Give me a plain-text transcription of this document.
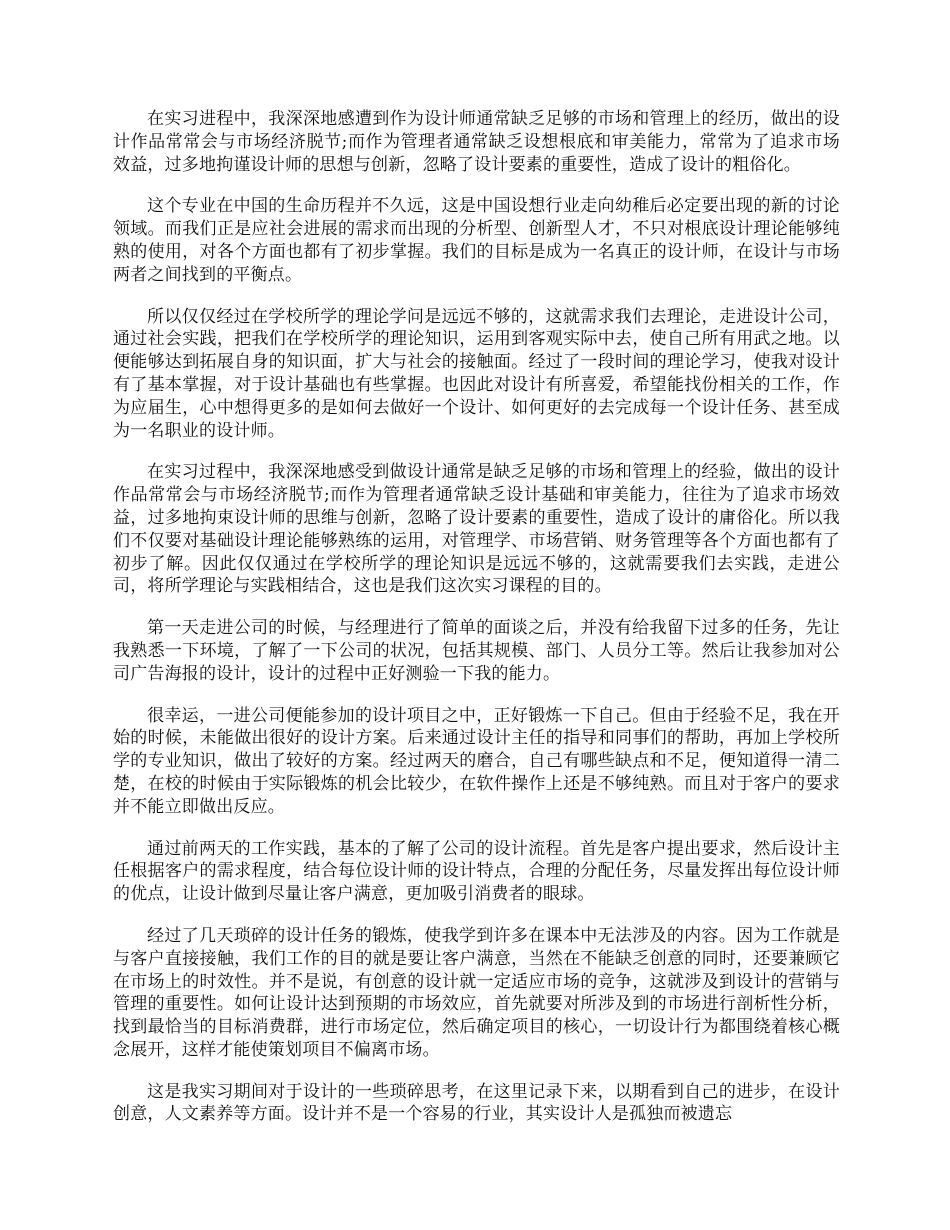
在实习进程中，我深深地感遭到作为设计师通常缺乏足够的市场和管理上的经历，做出的设计作品常常会与市场经济脱节;而作为管理者通常缺乏设想根底和审美能力，常常为了追求市场效益，过多地拘谨设计师的思想与创新，忽略了设计要素的重要性，造成了设计的粗俗化。

这个专业在中国的生命历程并不久远，这是中国设想行业走向幼稚后必定要出现的新的讨论领域。而我们正是应社会进展的需求而出现的分析型、创新型人才，不只对根底设计理论能够纯熟的使用，对各个方面也都有了初步掌握。我们的目标是成为一名真正的设计师，在设计与市场两者之间找到的平衡点。

所以仅仅经过在学校所学的理论学问是远远不够的，这就需求我们去理论，走进设计公司，通过社会实践，把我们在学校所学的理论知识，运用到客观实际中去，使自己所有用武之地。以便能够达到拓展自身的知识面，扩大与社会的接触面。经过了一段时间的理论学习，使我对设计有了基本掌握，对于设计基础也有些掌握。也因此对设计有所喜爱，希望能找份相关的工作，作为应届生，心中想得更多的是如何去做好一个设计、如何更好的去完成每一个设计任务、甚至成为一名职业的设计师。

在实习过程中，我深深地感受到做设计通常是缺乏足够的市场和管理上的经验，做出的设计作品常常会与市场经济脱节;而作为管理者通常缺乏设计基础和审美能力，往往为了追求市场效益，过多地拘束设计师的思维与创新，忽略了设计要素的重要性，造成了设计的庸俗化。所以我们不仅要对基础设计理论能够熟练的运用，对管理学、市场营销、财务管理等各个方面也都有了初步了解。因此仅仅通过在学校所学的理论知识是远远不够的，这就需要我们去实践，走进公司，将所学理论与实践相结合，这也是我们这次实习课程的目的。

第一天走进公司的时候，与经理进行了简单的面谈之后，并没有给我留下过多的任务，先让我熟悉一下环境，了解了一下公司的状况，包括其规模、部门、人员分工等。然后让我参加对公司广告海报的设计，设计的过程中正好测验一下我的能力。

很幸运，一进公司便能参加的设计项目之中，正好锻炼一下自己。但由于经验不足，我在开始的时候，未能做出很好的设计方案。后来通过设计主任的指导和同事们的帮助，再加上学校所学的专业知识，做出了较好的方案。经过两天的磨合，自己有哪些缺点和不足，便知道得一清二楚，在校的时候由于实际锻炼的机会比较少，在软件操作上还是不够纯熟。而且对于客户的要求并不能立即做出反应。

通过前两天的工作实践，基本的了解了公司的设计流程。首先是客户提出要求，然后设计主任根据客户的需求程度，结合每位设计师的设计特点，合理的分配任务，尽量发挥出每位设计师的优点，让设计做到尽量让客户满意，更加吸引消费者的眼球。

经过了几天琐碎的设计任务的锻炼，使我学到许多在课本中无法涉及的内容。因为工作就是与客户直接接触，我们工作的目的就是要让客户满意，当然在不能缺乏创意的同时，还要兼顾它在市场上的时效性。并不是说，有创意的设计就一定适应市场的竞争，这就涉及到设计的营销与管理的重要性。如何让设计达到预期的市场效应，首先就要对所涉及到的市场进行剖析性分析，找到最恰当的目标消费群，进行市场定位，然后确定项目的核心，一切设计行为都围绕着核心概念展开，这样才能使策划项目不偏离市场。

这是我实习期间对于设计的一些琐碎思考，在这里记录下来，以期看到自己的进步，在设计创意，人文素养等方面。设计并不是一个容易的行业，其实设计人是孤独而被遗忘
